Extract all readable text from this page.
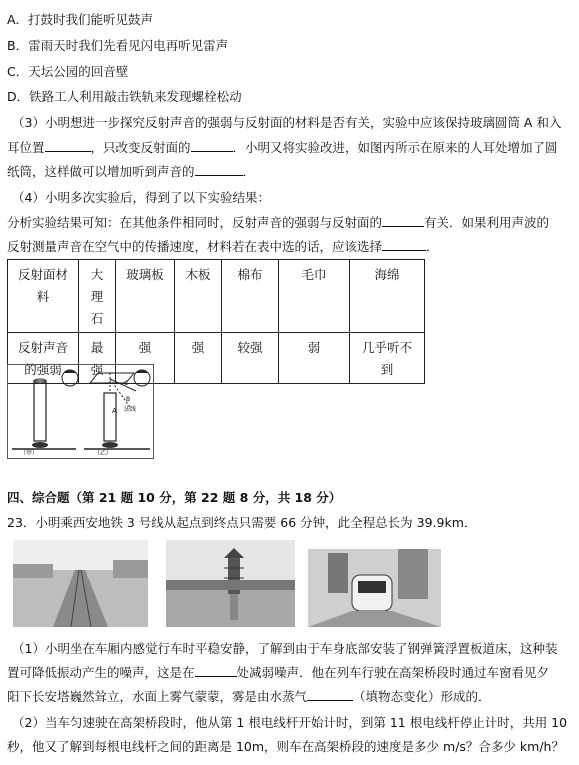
A．打鼓时我们能听见鼓声
B．雷雨天时我们先看见闪电再听见雷声
C．天坛公园的回音壁
D．铁路工人利用敲击铁轨来发现螺栓松动
（3）小明想进一步探究反射声音的强弱与反射面的材料是否有关，实验中应该保持玻璃圆筒 A 和入
耳位置	，只改变反射面的	．小明又将实验改进，如图丙所示在原来的人耳处增加了圆
纸筒，这样做可以增加听到声音的	．
（4）小明多次实验后，得到了以下实验结果：
分析实验结果可知：在其他条件相同时，反射声音的强弱与反射面的	有关．如果利用声波的
反射测量声音在空气中的传播速度，材料若在表中选的话，应该选择	．
反射面材料	大理石	玻璃板	木板	棉布	毛巾	海绵
反射声音的强弱	最强	强	强	较强	弱	几乎听不到
（甲）
A
C
B
法线
（乙）
四、综合题（第 21 题 10 分，第 22 题 8 分，共 18 分）
23．小明乘西安地铁 3 号线从起点到终点只需要 66 分钟，此全程总长为 39.9km．
（1）小明坐在车厢内感觉行车时平稳安静，了解到由于车身底部安装了钢弹簧浮置板道床，这种装
置可降低振动产生的噪声，这是在	处减弱噪声．他在列车行驶在高架桥段时通过车窗看见夕
阳下长安塔巍然耸立，水面上雾气蒙蒙，雾是由水蒸气	（填物态变化）形成的．
（2）当车匀速驶在高架桥段时，他从第 1 根电线杆开始计时，到第 11 根电线杆停止计时，共用 10
秒，他又了解到每根电线杆之间的距离是 10m，则车在高架桥段的速度是多少 m/s？合多少 km/h？
